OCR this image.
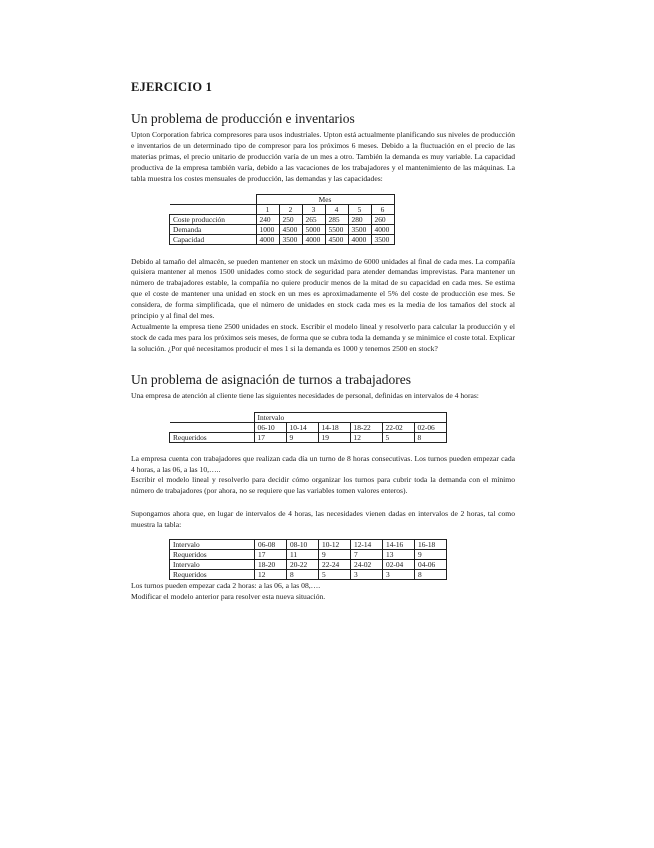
EJERCICIO 1
Un problema de producción e inventarios

Upton Corporation fabrica compresores para usos industriales. Upton está actualmente planificando sus niveles de producción e inventarios de un determinado tipo de compresor para los próximos 6 meses. Debido a la fluctuación en el precio de las materias primas, el precio unitario de producción varía de un mes a otro. También la demanda es muy variable. La capacidad productiva de la empresa también varía, debido a las vacaciones de los trabajadores y el mantenimiento de las máquinas. La tabla muestra los costes mensuales de producción, las demandas y las capacidades:

	Mes					
	1	2	3	4	5	6
Coste producción	240	250	265	285	280	260
Demanda	1000	4500	5000	5500	3500	4000
Capacidad	4000	3500	4000	4500	4000	3500

Debido al tamaño del almacén, se pueden mantener en stock un máximo de 6000 unidades al final de cada mes. La compañía quisiera mantener al menos 1500 unidades como stock de seguridad para atender demandas imprevistas. Para mantener un número de trabajadores estable, la compañía no quiere producir menos de la mitad de su capacidad en cada mes. Se estima que el coste de mantener una unidad en stock en un mes es aproximadamente el 5% del coste de producción ese mes. Se considera, de forma simplificada, que el número de unidades en stock cada mes es la media de los tamaños del stock al principio y al final del mes.

Actualmente la empresa tiene 2500 unidades en stock. Escribir el modelo lineal y resolverlo para calcular la producción y el stock de cada mes para los próximos seis meses, de forma que se cubra toda la demanda y se minimice el coste total. Explicar la solución. ¿Por qué necesitamos producir el mes 1 si la demanda es 1000 y tenemos 2500 en stock?

Un problema de asignación de turnos a trabajadores

Una empresa de atención al cliente tiene las siguientes necesidades de personal, definidas en intervalos de 4 horas:

	Intervalo					
	06-10	10-14	14-18	18-22	22-02	02-06
Requeridos	17	9	19	12	5	8

La empresa cuenta con trabajadores que realizan cada día un turno de 8 horas consecutivas. Los turnos pueden empezar cada 4 horas, a las 06, a las 10,…..

Escribir el modelo lineal y resolverlo para decidir cómo organizar los turnos para cubrir toda la demanda con el mínimo número de trabajadores (por ahora, no se requiere que las variables tomen valores enteros).

Supongamos ahora que, en lugar de intervalos de 4 horas, las necesidades vienen dadas en intervalos de 2 horas, tal como muestra la tabla:

Intervalo	06-08	08-10	10-12	12-14	14-16	16-18
Requeridos	17	11	9	7	13	9
Intervalo	18-20	20-22	22-24	24-02	02-04	04-06
Requeridos	12	8	5	3	3	8

Los turnos pueden empezar cada 2 horas: a las 06, a las 08,….

Modificar el modelo anterior para resolver esta nueva situación.
